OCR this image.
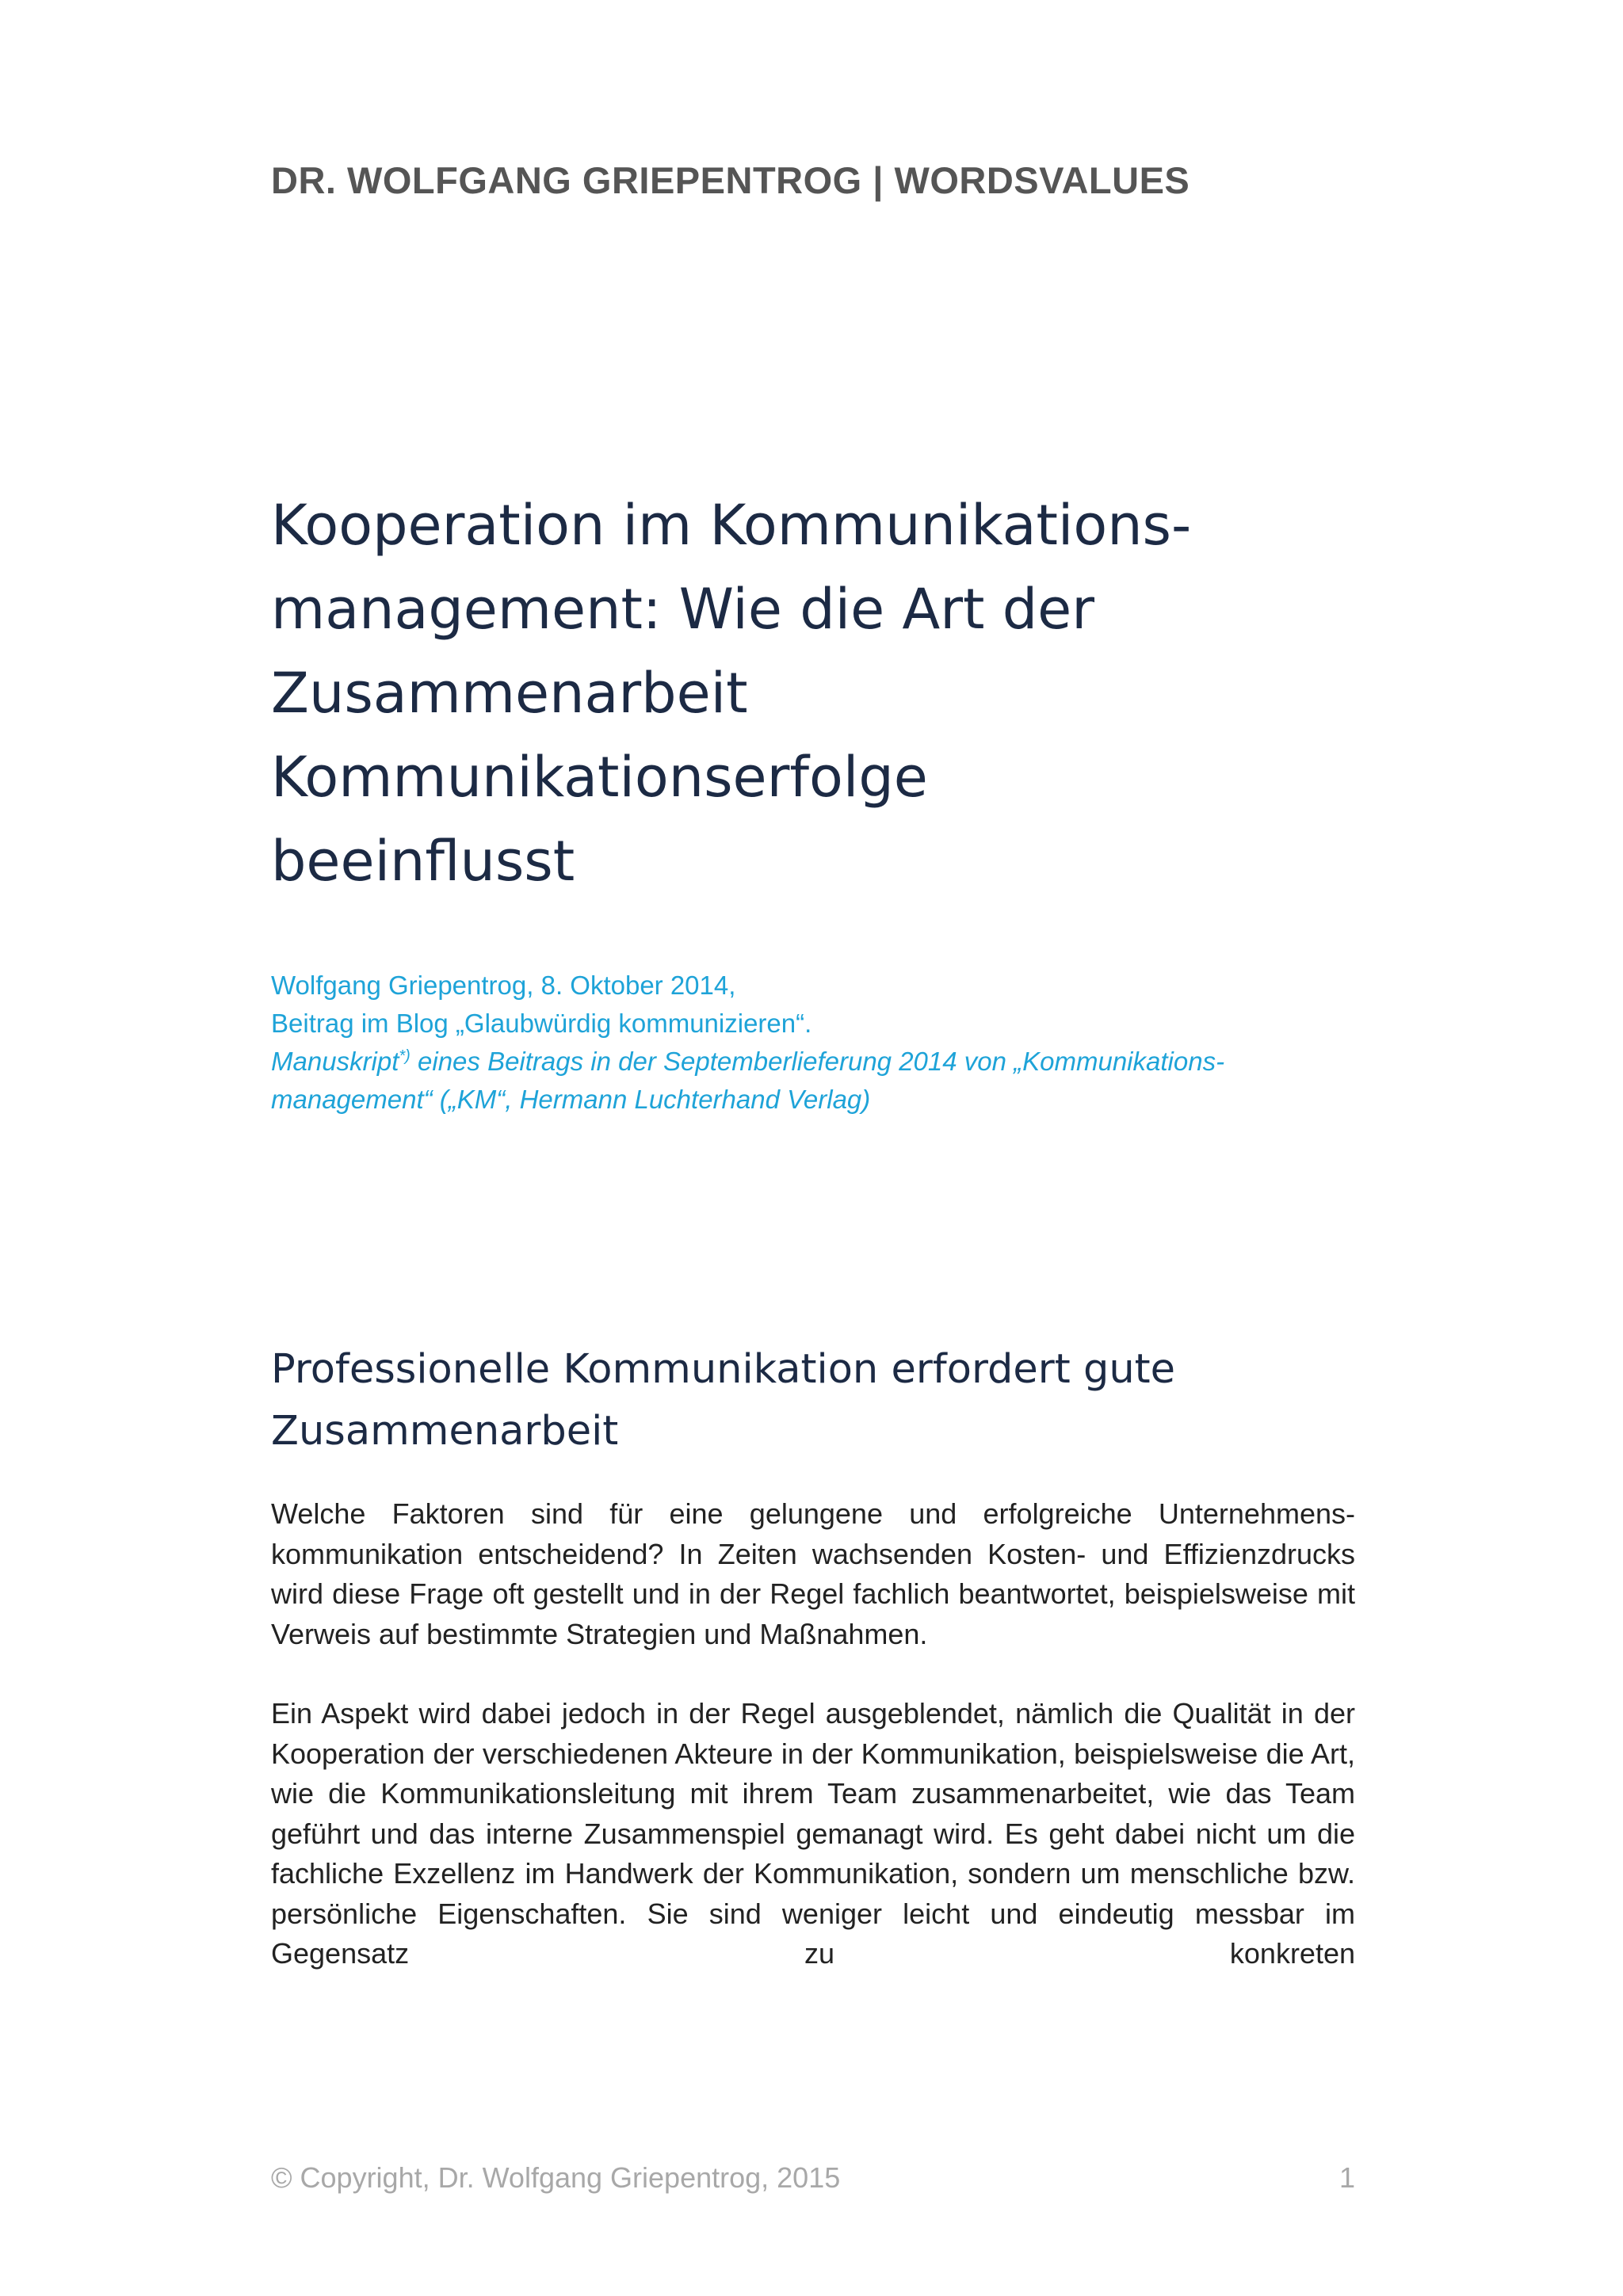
DR. WOLFGANG GRIEPENTROG | WORDSVALUES
Kooperation im Kommunikations-
management: Wie die Art der
Zusammenarbeit Kommunikationserfolge
beeinflusst
Wolfgang Griepentrog, 8. Oktober 2014,
Beitrag im Blog „Glaubwürdig kommunizieren“.
Manuskript*) eines Beitrags in der Septemberlieferung 2014 von „Kommunikations-
management“ („KM“, Hermann Luchterhand Verlag)
Professionelle Kommunikation erfordert gute
Zusammenarbeit

Welche Faktoren sind für eine gelungene und erfolgreiche Unternehmens-kommunikation entscheidend? In Zeiten wachsenden Kosten- und Effizienzdrucks wird diese Frage oft gestellt und in der Regel fachlich beantwortet, beispielsweise mit Verweis auf bestimmte Strategien und Maßnahmen.

Ein Aspekt wird dabei jedoch in der Regel ausgeblendet, nämlich die Qualität in der Kooperation der verschiedenen Akteure in der Kommunikation, beispielsweise die Art, wie die Kommunikationsleitung mit ihrem Team zusammenarbeitet, wie das Team geführt und das interne Zusammenspiel gemanagt wird. Es geht dabei nicht um die fachliche Exzellenz im Handwerk der Kommunikation, sondern um menschliche bzw. persönliche Eigenschaften. Sie sind weniger leicht und eindeutig messbar im Gegensatz zu konkreten

© Copyright, Dr. Wolfgang Griepentrog, 2015	1
